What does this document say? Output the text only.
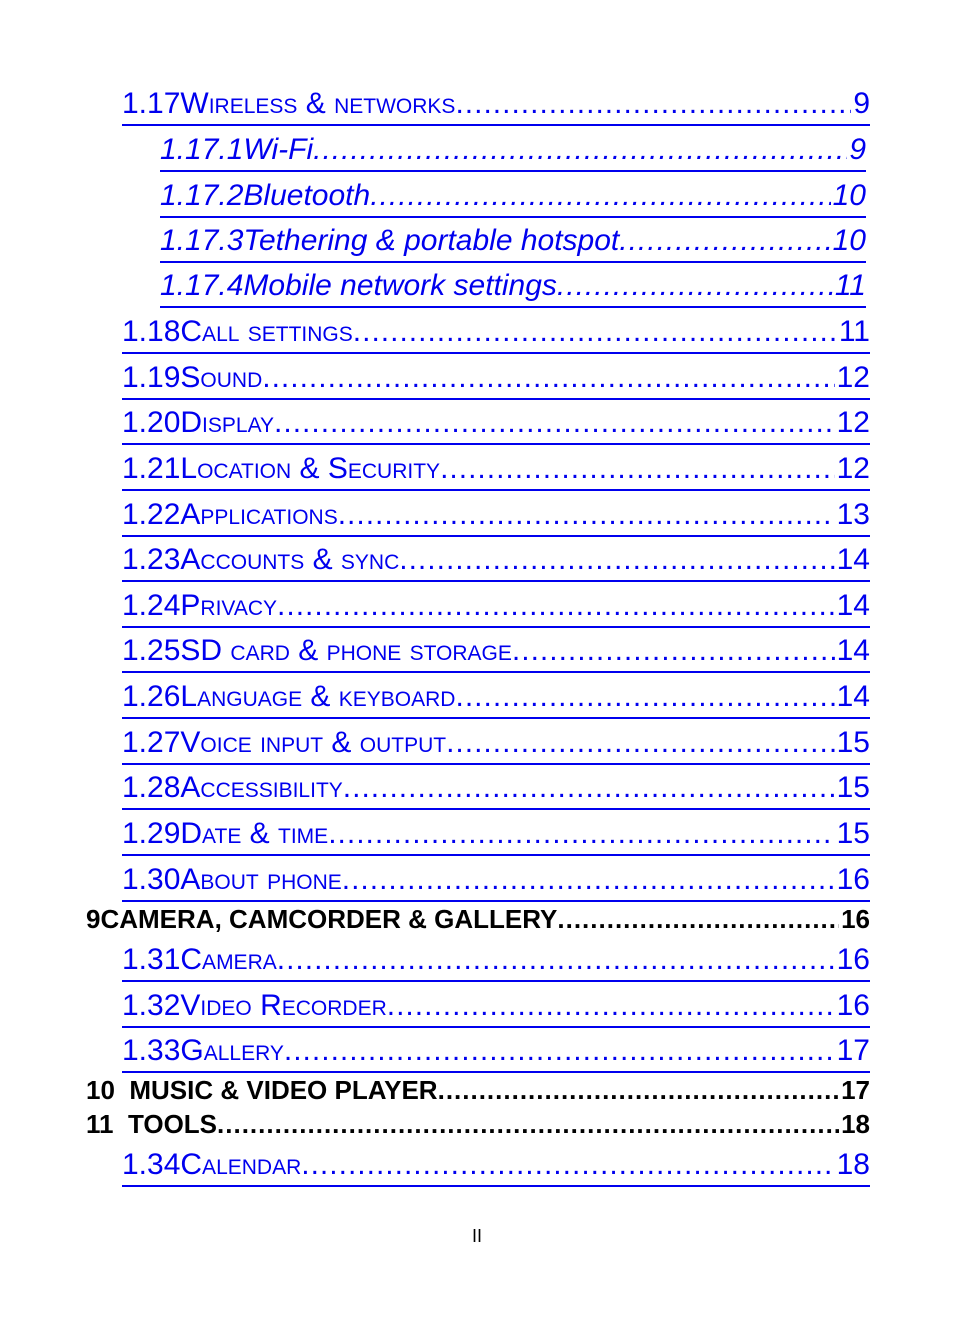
1.17 Wireless & networks .....	9
1.17.1 Wi-Fi .....	9
1.17.2 Bluetooth .....	10
1.17.3 Tethering & portable hotspot .....	10
1.17.4 Mobile network settings .....	11
1.18 Call settings .....	11
1.19 Sound .....	12
1.20 Display .....	12
1.21 Location & Security .....	12
1.22 Applications .....	13
1.23 Accounts & sync .....	14
1.24 Privacy .....	14
1.25 SD card & phone storage .....	14
1.26 Language & keyboard .....	14
1.27 Voice input & output .....	15
1.28 Accessibility .....	15
1.29 Date & time .....	15
1.30 About phone .....	16
9 CAMERA, CAMCORDER & GALLERY .....	16
1.31 Camera .....	16
1.32 Video Recorder .....	16
1.33 Gallery .....	17
10 MUSIC & VIDEO PLAYER .....	17
11 TOOLS .....	18
1.34 Calendar .....	18
II
